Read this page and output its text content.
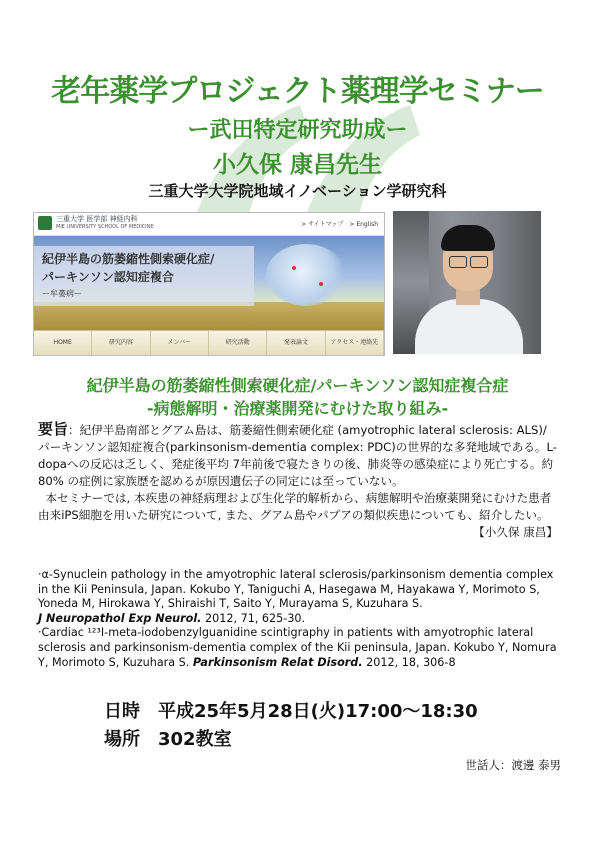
老年薬学プロジェクト薬理学セミナー
ー武田特定研究助成ー
小久保 康昌先生
三重大学大学院地域イノベーション学研究科
三重大学 医学部 神経内科
MIE UNIVERSITY SCHOOL OF MEDICINE	> サイトマップ　> English
紀伊半島の筋萎縮性側索硬化症/
パーキンソン認知症複合
ー牟婁病ー
HOME	研究内容	メンバー	研究活動	発表論文	アクセス・連絡先
紀伊半島の筋萎縮性側索硬化症/パーキンソン認知症複合症
-病態解明・治療薬開発にむけた取り組み-

要旨：紀伊半島南部とグアム島は、筋萎縮性側索硬化症 (amyotrophic lateral sclerosis: ALS)/パーキンソン認知症複合(parkinsonism-dementia complex: PDC)の世界的な多発地域である。L-dopaへの反応は乏しく、発症後平均 7年前後で寝たきりの後、肺炎等の感染症により死亡する。約80% の症例に家族歴を認めるが原因遺伝子の同定には至っていない。

本セミナーでは, 本疾患の神経病理および生化学的解析から、病態解明や治療薬開発にむけた患者由来iPS細胞を用いた研究について, また、グアム島やパプアの類似疾患についても、紹介したい。

【小久保 康昌】

·α-Synuclein pathology in the amyotrophic lateral sclerosis/parkinsonism dementia complex in the Kii Peninsula, Japan. Kokubo Y, Taniguchi A, Hasegawa M, Hayakawa Y, Morimoto S, Yoneda M, Hirokawa Y, Shiraishi T, Saito Y, Murayama S, Kuzuhara S.
J Neuropathol Exp Neurol. 2012, 71, 625-30.

·Cardiac ¹²³I-meta-iodobenzylguanidine scintigraphy in patients with amyotrophic lateral sclerosis and parkinsonism-dementia complex of the Kii peninsula, Japan. Kokubo Y, Nomura Y, Morimoto S, Kuzuhara S. Parkinsonism Relat Disord. 2012, 18, 306-8

日時　平成25年5月28日(火)17:00〜18:30
場所　302教室
世話人：渡邊 泰男
